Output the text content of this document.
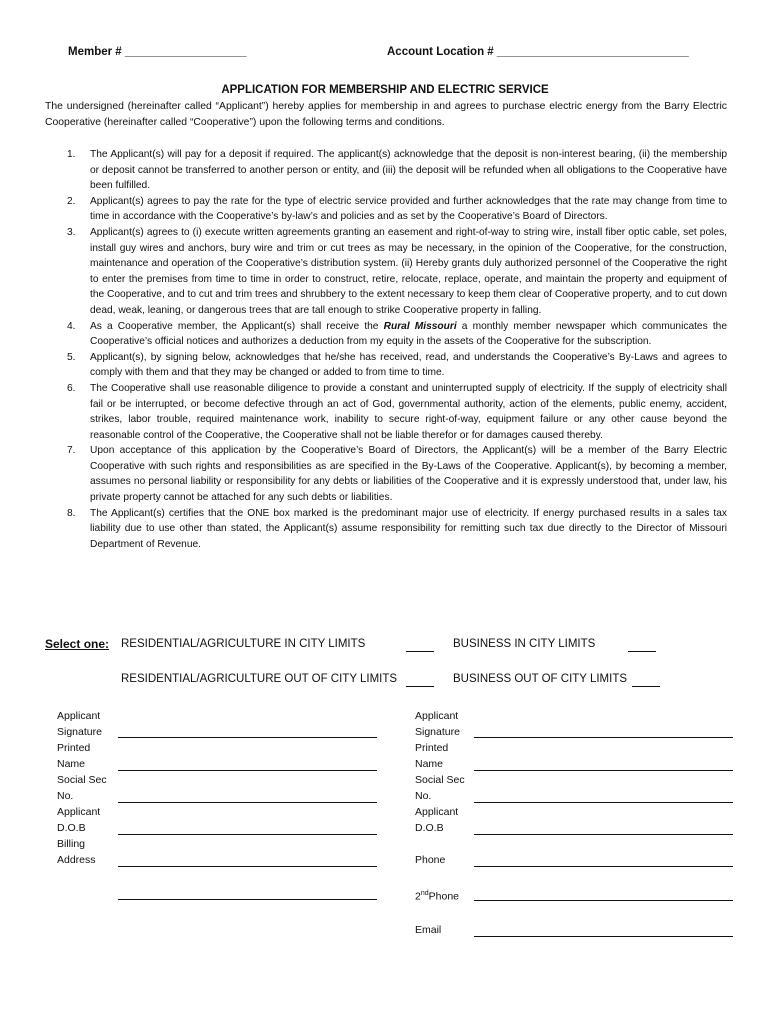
Member # ___________________	Account Location # ______________________________
APPLICATION FOR MEMBERSHIP AND ELECTRIC SERVICE
The undersigned (hereinafter called “Applicant”) hereby applies for membership in and agrees to purchase electric energy from the Barry Electric Cooperative (hereinafter called “Cooperative”) upon the following terms and conditions.
1. The Applicant(s) will pay for a deposit if required. The applicant(s) acknowledge that the deposit is non-interest bearing, (ii) the membership or deposit cannot be transferred to another person or entity, and (iii) the deposit will be refunded when all obligations to the Cooperative have been fulfilled.
2. Applicant(s) agrees to pay the rate for the type of electric service provided and further acknowledges that the rate may change from time to time in accordance with the Cooperative’s by-law’s and policies and as set by the Cooperative’s Board of Directors.
3. Applicant(s) agrees to (i) execute written agreements granting an easement and right-of-way to string wire, install fiber optic cable, set poles, install guy wires and anchors, bury wire and trim or cut trees as may be necessary, in the opinion of the Cooperative, for the construction, maintenance and operation of the Cooperative’s distribution system. (ii) Hereby grants duly authorized personnel of the Cooperative the right to enter the premises from time to time in order to construct, retire, relocate, replace, operate, and maintain the property and equipment of the Cooperative, and to cut and trim trees and shrubbery to the extent necessary to keep them clear of Cooperative property, and to cut down dead, weak, leaning, or dangerous trees that are tall enough to strike Cooperative property in falling.
4. As a Cooperative member, the Applicant(s) shall receive the Rural Missouri a monthly member newspaper which communicates the Cooperative’s official notices and authorizes a deduction from my equity in the assets of the Cooperative for the subscription.
5. Applicant(s), by signing below, acknowledges that he/she has received, read, and understands the Cooperative’s By-Laws and agrees to comply with them and that they may be changed or added to from time to time.
6. The Cooperative shall use reasonable diligence to provide a constant and uninterrupted supply of electricity. If the supply of electricity shall fail or be interrupted, or become defective through an act of God, governmental authority, action of the elements, public enemy, accident, strikes, labor trouble, required maintenance work, inability to secure right-of-way, equipment failure or any other cause beyond the reasonable control of the Cooperative, the Cooperative shall not be liable therefor or for damages caused thereby.
7. Upon acceptance of this application by the Cooperative’s Board of Directors, the Applicant(s) will be a member of the Barry Electric Cooperative with such rights and responsibilities as are specified in the By-Laws of the Cooperative. Applicant(s), by becoming a member, assumes no personal liability or responsibility for any debts or liabilities of the Cooperative and it is expressly understood that, under law, his private property cannot be attached for any such debts or liabilities.
8. The Applicant(s) certifies that the ONE box marked is the predominant major use of electricity. If energy purchased results in a sales tax liability due to use other than stated, the Applicant(s) assume responsibility for remitting such tax due directly to the Director of Missouri Department of Revenue.
Select one: RESIDENTIAL/AGRICULTURE IN CITY LIMITS	BUSINESS IN CITY LIMITS
RESIDENTIAL/AGRICULTURE OUT OF CITY LIMITS	BUSINESS OUT OF CITY LIMITS
Applicant
Signature
Printed
Name
Social Sec
No.
Applicant
D.O.B
Billing
Address
Applicant
Signature
Printed
Name
Social Sec
No.
Applicant
D.O.B
Phone
2ndPhone
Email
